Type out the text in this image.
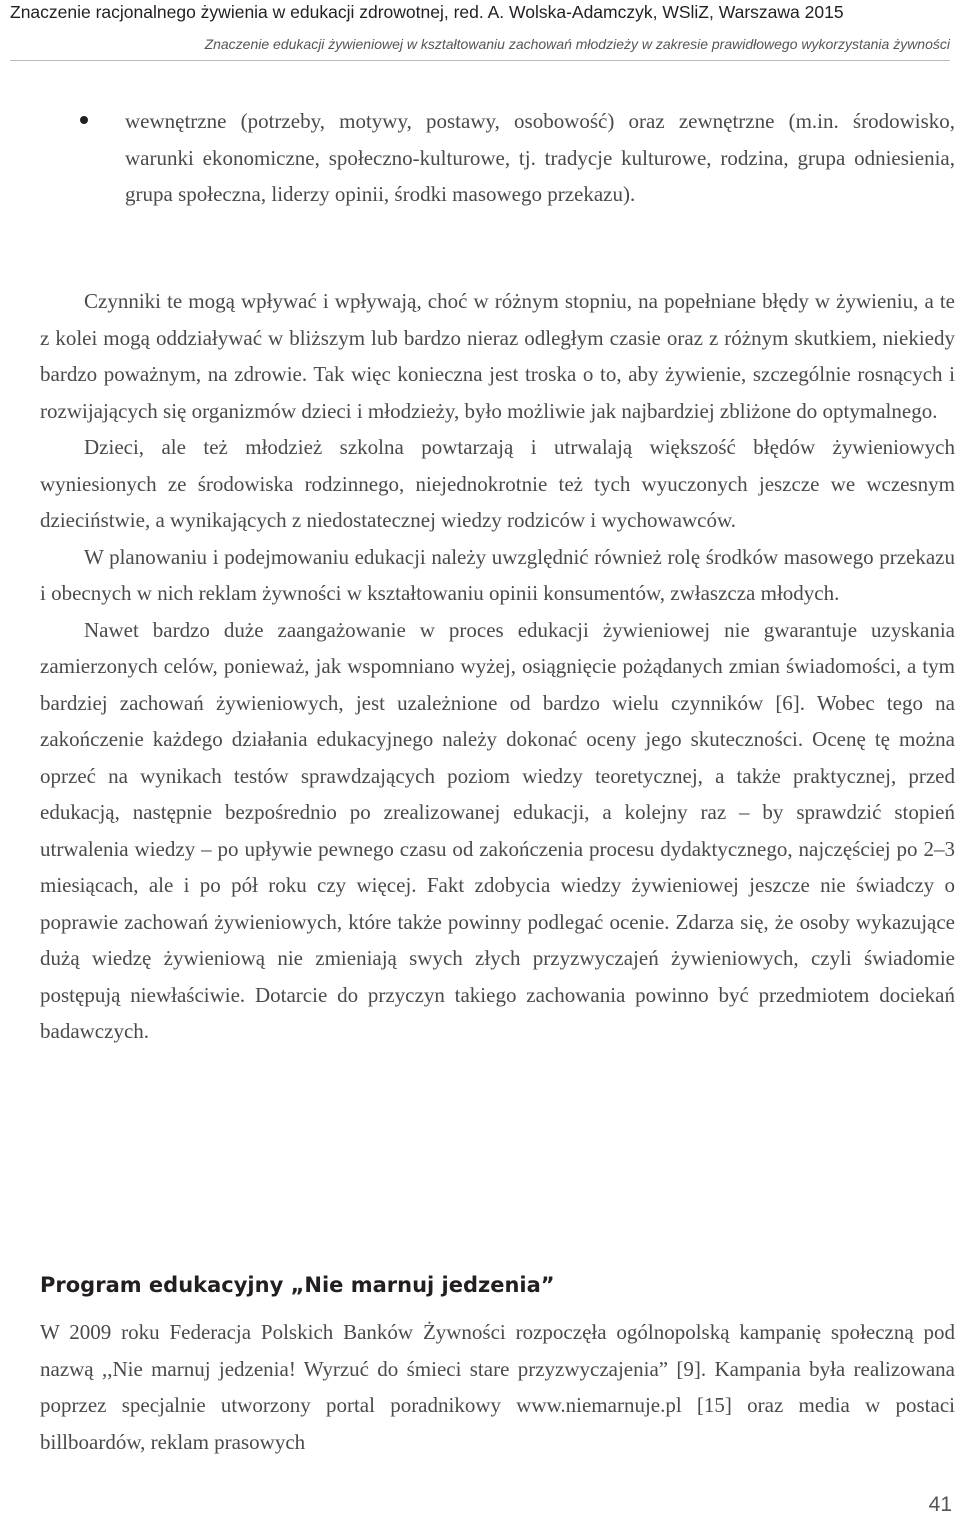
Znaczenie racjonalnego żywienia w edukacji zdrowotnej, red. A. Wolska-Adamczyk, WSliZ, Warszawa 2015
Znaczenie edukacji żywieniowej w kształtowaniu zachowań młodzieży w zakresie prawidłowego wykorzystania żywności
wewnętrzne (potrzeby, motywy, postawy, osobowość) oraz zewnętrzne (m.in. środowisko, warunki ekonomiczne, społeczno-kulturowe, tj. tradycje kulturowe, rodzina, grupa odniesienia, grupa społeczna, liderzy opinii, środki masowego przekazu).

Czynniki te mogą wpływać i wpływają, choć w różnym stopniu, na popełniane błędy w żywieniu, a te z kolei mogą oddziaływać w bliższym lub bardzo nieraz odległym czasie oraz z różnym skutkiem, niekiedy bardzo poważnym, na zdrowie. Tak więc konieczna jest troska o to, aby żywienie, szczególnie rosnących i rozwijających się organizmów dzieci i młodzieży, było możliwie jak najbardziej zbliżone do optymalnego.

Dzieci, ale też młodzież szkolna powtarzają i utrwalają większość błędów żywieniowych wyniesionych ze środowiska rodzinnego, niejednokrotnie też tych wyuczonych jeszcze we wczesnym dzieciństwie, a wynikających z niedostatecznej wiedzy rodziców i wychowawców.

W planowaniu i podejmowaniu edukacji należy uwzględnić również rolę środków masowego przekazu i obecnych w nich reklam żywności w kształtowaniu opinii konsumentów, zwłaszcza młodych.

Nawet bardzo duże zaangażowanie w proces edukacji żywieniowej nie gwarantuje uzyskania zamierzonych celów, ponieważ, jak wspomniano wyżej, osiągnięcie pożądanych zmian świadomości, a tym bardziej zachowań żywieniowych, jest uzależnione od bardzo wielu czynników [6]. Wobec tego na zakończenie każdego działania edukacyjnego należy dokonać oceny jego skuteczności. Ocenę tę można oprzeć na wynikach testów sprawdzających poziom wiedzy teoretycznej, a także praktycznej, przed edukacją, następnie bezpośrednio po zrealizowanej edukacji, a kolejny raz – by sprawdzić stopień utrwalenia wiedzy – po upływie pewnego czasu od zakończenia procesu dydaktycznego, najczęściej po 2–3 miesiącach, ale i po pół roku czy więcej. Fakt zdobycia wiedzy żywieniowej jeszcze nie świadczy o poprawie zachowań żywieniowych, które także powinny podlegać ocenie. Zdarza się, że osoby wykazujące dużą wiedzę żywieniową nie zmieniają swych złych przyzwyczajeń żywieniowych, czyli świadomie postępują niewłaściwie. Dotarcie do przyczyn takiego zachowania powinno być przedmiotem dociekań badawczych.

Program edukacyjny „Nie marnuj jedzenia”

W 2009 roku Federacja Polskich Banków Żywności rozpoczęła ogólnopolską kampanię społeczną pod nazwą ,,Nie marnuj jedzenia! Wyrzuć do śmieci stare przyzwyczajenia” [9]. Kampania była realizowana poprzez specjalnie utworzony portal poradnikowy www.niemarnuje.pl [15] oraz media w postaci billboardów, reklam prasowych

41
